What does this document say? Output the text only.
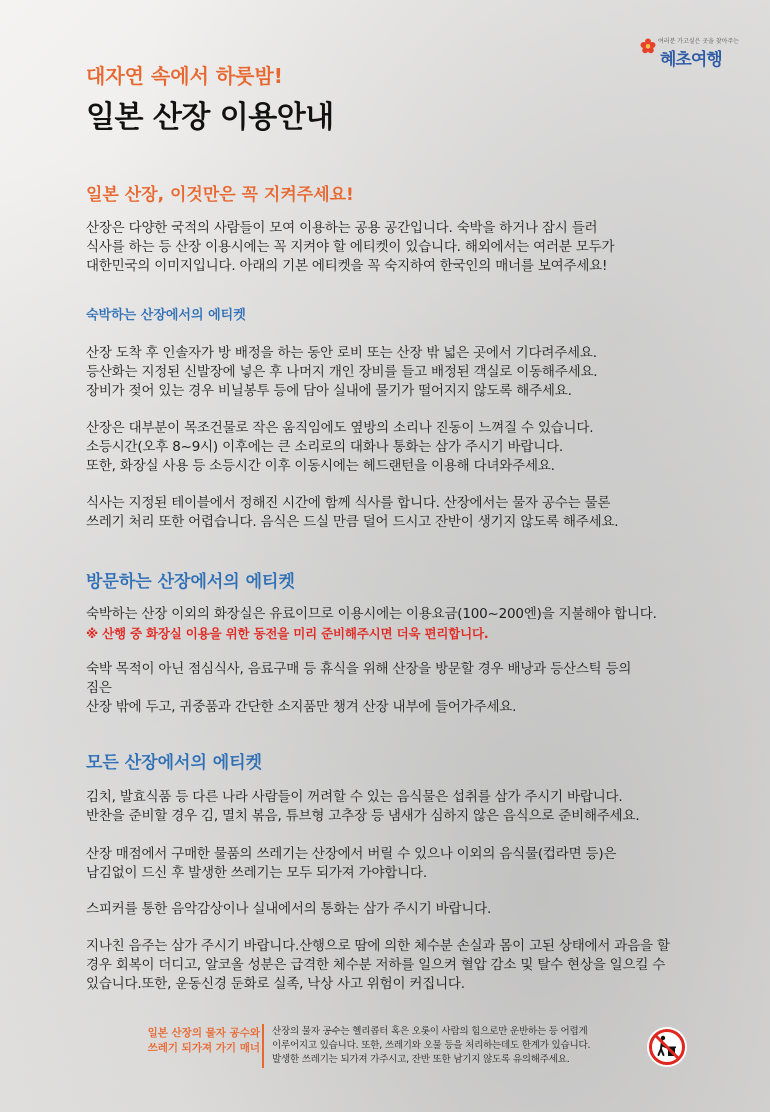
여러분 가고싶은 곳을 찾아주는
혜초여행
대자연 속에서 하룻밤!
일본 산장 이용안내
일본 산장, 이것만은 꼭 지켜주세요!
산장은 다양한 국적의 사람들이 모여 이용하는 공용 공간입니다. 숙박을 하거나 잠시 들러
식사를 하는 등 산장 이용시에는 꼭 지켜야 할 에티켓이 있습니다. 해외에서는 여러분 모두가
대한민국의 이미지입니다. 아래의 기본 에티켓을 꼭 숙지하여 한국인의 매너를 보여주세요!
숙박하는 산장에서의 에티켓
산장 도착 후 인솔자가 방 배정을 하는 동안 로비 또는 산장 밖 넓은 곳에서 기다려주세요.
등산화는 지정된 신발장에 넣은 후 나머지 개인 장비를 들고 배정된 객실로 이동해주세요.
장비가 젖어 있는 경우 비닐봉투 등에 담아 실내에 물기가 떨어지지 않도록 해주세요.
산장은 대부분이 목조건물로 작은 움직임에도 옆방의 소리나 진동이 느껴질 수 있습니다.
소등시간(오후 8~9시) 이후에는 큰 소리로의 대화나 통화는 삼가 주시기 바랍니다.
또한, 화장실 사용 등 소등시간 이후 이동시에는 헤드랜턴을 이용해 다녀와주세요.
식사는 지정된 테이블에서 정해진 시간에 함께 식사를 합니다. 산장에서는 물자 공수는 물론
쓰레기 처리 또한 어렵습니다. 음식은 드실 만큼 덜어 드시고 잔반이 생기지 않도록 해주세요.
방문하는 산장에서의 에티켓
숙박하는 산장 이외의 화장실은 유료이므로 이용시에는 이용요금(100~200엔)을 지불해야 합니다.
※ 산행 중 화장실 이용을 위한 동전을 미리 준비해주시면 더욱 편리합니다.
숙박 목적이 아닌 점심식사, 음료구매 등 휴식을 위해 산장을 방문할 경우 배낭과 등산스틱 등의
짐은
산장 밖에 두고, 귀중품과 간단한 소지품만 챙겨 산장 내부에 들어가주세요.
모든 산장에서의 에티켓
김치, 발효식품 등 다른 나라 사람들이 꺼려할 수 있는 음식물은 섭취를 삼가 주시기 바랍니다.
반찬을 준비할 경우 김, 멸치 볶음, 튜브형 고추장 등 냄새가 심하지 않은 음식으로 준비해주세요.
산장 매점에서 구매한 물품의 쓰레기는 산장에서 버릴 수 있으나 이외의 음식물(컵라면 등)은
남김없이 드신 후 발생한 쓰레기는 모두 되가져 가야합니다.
스피커를 통한 음악감상이나 실내에서의 통화는 삼가 주시기 바랍니다.
지나친 음주는 삼가 주시기 바랍니다.산행으로 땀에 의한 체수분 손실과 몸이 고된 상태에서 과음을 할
경우 회복이 더디고, 알코올 성분은 급격한 체수분 저하를 일으켜 혈압 감소 및 탈수 현상을 일으킬 수
있습니다.또한, 운동신경 둔화로 실족, 낙상 사고 위험이 커집니다.
일본 산장의 물자 공수와
쓰레기 되가져 가기 매너
산장의 물자 공수는 헬리콥터 혹은 오롯이 사람의 힘으로만 운반하는 등 어렵게
이루어지고 있습니다. 또한, 쓰레기와 오물 등을 처리하는데도 한계가 있습니다.
발생한 쓰레기는 되가져 가주시고, 잔반 또한 남기지 않도록 유의해주세요.
